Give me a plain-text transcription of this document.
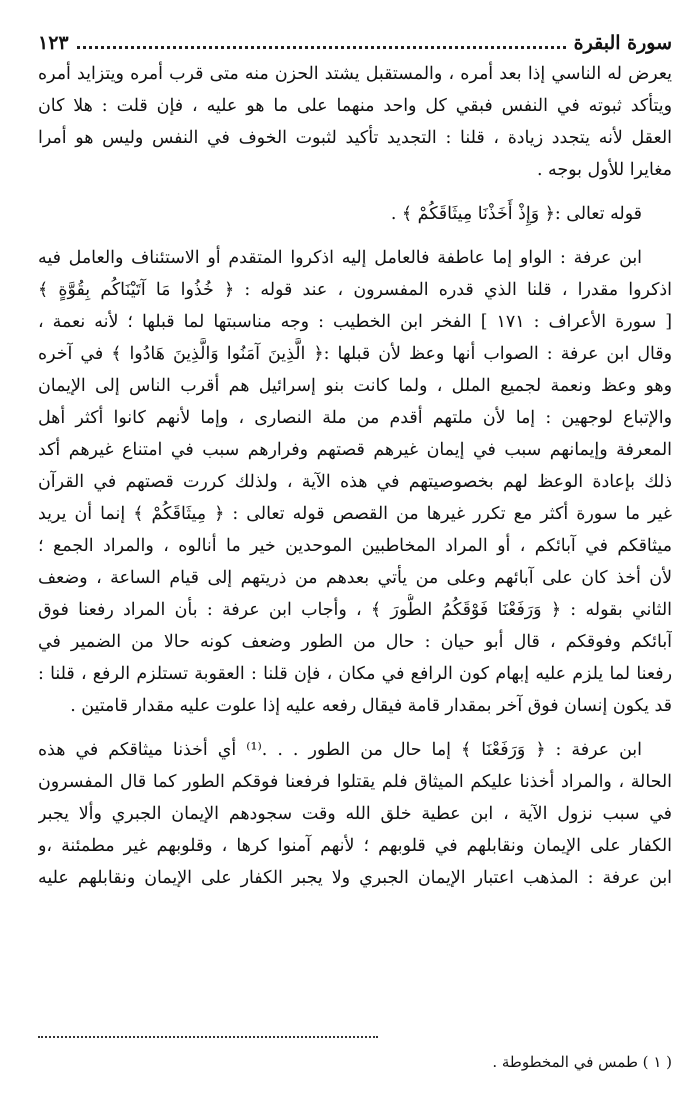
سورة البقرة
١٢٣
يعرض له الناسي إذا بعد أمره ، والمستقبل يشتد الحزن منه متى قرب أمره ويتزايد أمره
ويتأكد ثبوته في النفس فبقي كل واحد منهما على ما هو عليه ، فإن قلت : هلا كان
العقل لأنه يتجدد زيادة ، قلنا : التجديد تأكيد لثبوت الخوف في النفس وليس هو أمرا
مغايرا للأول بوجه .
قوله تعالى :﴿ وَإِذْ أَخَذْنَا مِيثَاقَكُمْ ﴾ .
ابن عرفة : الواو إما عاطفة فالعامل إليه اذكروا المتقدم أو الاستئناف والعامل فيه
اذكروا مقدرا ، قلنا الذي قدره المفسرون ، عند قوله : ﴿ خُذُوا مَا آتَيْنَاكُم بِقُوَّةٍ ﴾
[ سورة الأعراف : ١٧١ ] الفخر ابن الخطيب : وجه مناسبتها لما قبلها ؛ لأنه نعمة ،
وقال ابن عرفة : الصواب أنها وعظ لأن قبلها :﴿ الَّذِينَ آمَنُوا وَالَّذِينَ هَادُوا ﴾ في آخره
وهو وعظ ونعمة لجميع الملل ، ولما كانت بنو إسرائيل هم أقرب الناس إلى الإيمان
والإتباع لوجهين : إما لأن ملتهم أقدم من ملة النصارى ، وإما لأنهم كانوا أكثر أهل
المعرفة وإيمانهم سبب في إيمان غيرهم قصتهم وفرارهم سبب في امتناع غيرهم أكد
ذلك بإعادة الوعظ لهم بخصوصيتهم في هذه الآية ، ولذلك كررت قصتهم في القرآن
غير ما سورة أكثر مع تكرر غيرها من القصص قوله تعالى : ﴿ مِيثَاقَكُمْ ﴾ إنما أن يريد
ميثاقكم في آبائكم ، أو المراد المخاطبين الموحدين خير ما أنالوه ، والمراد الجمع ؛
لأن أخذ كان على آبائهم وعلى من يأتي بعدهم من ذريتهم إلى قيام الساعة ، وضعف
الثاني بقوله : ﴿ وَرَفَعْنَا فَوْقَكُمُ الطُّورَ ﴾ ، وأجاب ابن عرفة : بأن المراد رفعنا فوق
آبائكم وفوقكم ، قال أبو حيان : حال من الطور وضعف كونه حالا من الضمير في
رفعنا لما يلزم عليه إبهام كون الرافع في مكان ، فإن قلنا : العقوبة تستلزم الرفع ، قلنا :
قد يكون إنسان فوق آخر بمقدار قامة فيقال رفعه عليه إذا علوت عليه مقدار قامتين .
ابن عرفة : ﴿ وَرَفَعْنَا ﴾ إما حال من الطور . . .⁽¹⁾ أي أخذنا ميثاقكم في هذه
الحالة ، والمراد أخذنا عليكم الميثاق فلم يقتلوا فرفعنا فوقكم الطور كما قال المفسرون
في سبب نزول الآية ، ابن عطية خلق الله وقت سجودهم الإيمان الجبري وألا يجبر
الكفار على الإيمان ونقابلهم في قلوبهم ؛ لأنهم آمنوا كرها ، وقلوبهم غير مطمئنة ،و
ابن عرفة : المذهب اعتبار الإيمان الجبري ولا يجبر الكفار على الإيمان ونقابلهم عليه
( ١ ) طمس في المخطوطة .
